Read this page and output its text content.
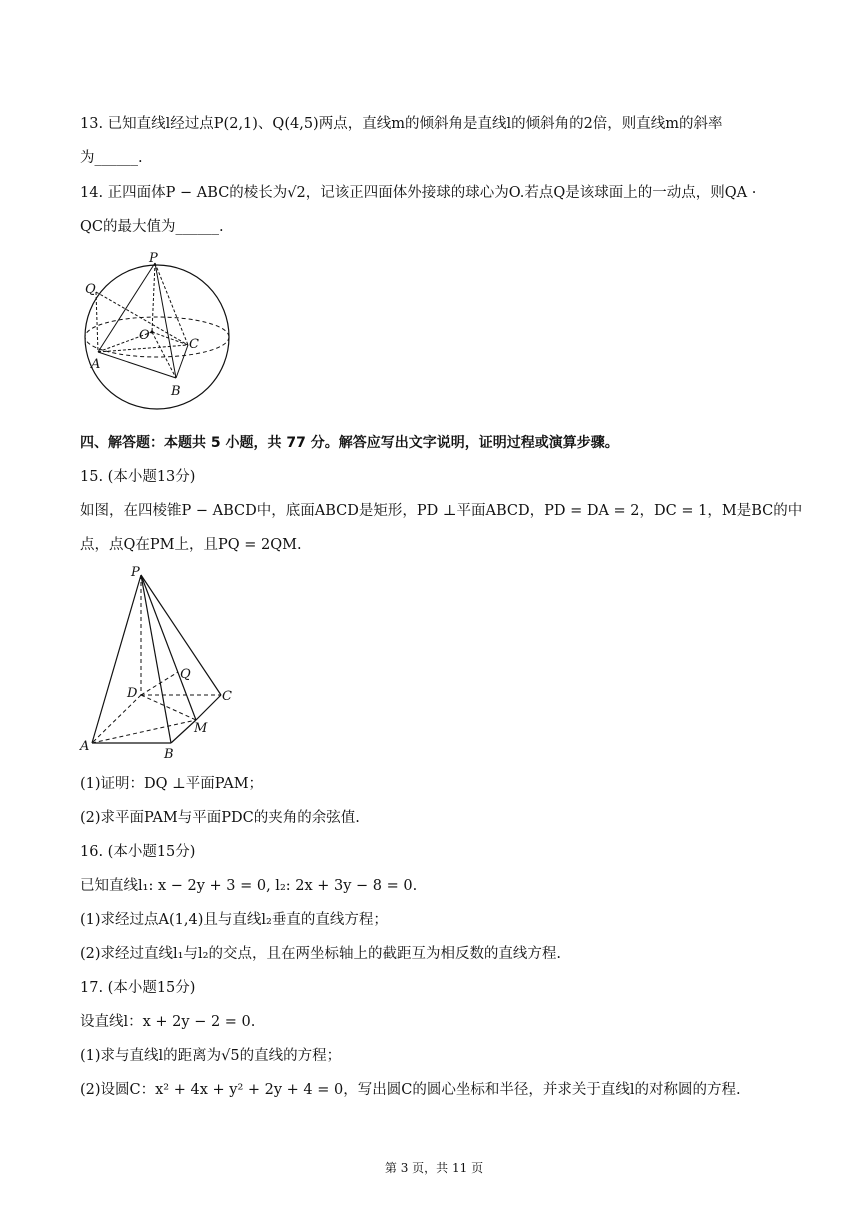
13. 已知直线l经过点P(2,1)、Q(4,5)两点，直线m的倾斜角是直线l的倾斜角的2倍，则直线m的斜率
为______.
14. 正四面体P − ABC的棱长为√2，记该正四面体外接球的球心为O.若点Q是该球面上的一动点，则QA ·
QC的最大值为______.
P
Q
O
C
A
B
四、解答题：本题共 5 小题，共 77 分。解答应写出文字说明，证明过程或演算步骤。
15. (本小题13分)
如图，在四棱锥P − ABCD中，底面ABCD是矩形，PD ⊥平面ABCD，PD = DA = 2，DC = 1，M是BC的中
点，点Q在PM上，且PQ = 2QM.
P
Q
D	C
M
A
B
(1)证明：DQ ⊥平面PAM；
(2)求平面PAM与平面PDC的夹角的余弦值.
16. (本小题15分)
已知直线l₁: x − 2y + 3 = 0, l₂: 2x + 3y − 8 = 0.
(1)求经过点A(1,4)且与直线l₂垂直的直线方程；
(2)求经过直线l₁与l₂的交点，且在两坐标轴上的截距互为相反数的直线方程.
17. (本小题15分)
设直线l：x + 2y − 2 = 0.
(1)求与直线l的距离为√5的直线的方程；
(2)设圆C：x² + 4x + y² + 2y + 4 = 0，写出圆C的圆心坐标和半径，并求关于直线l的对称圆的方程.
第 3 页，共 11 页
